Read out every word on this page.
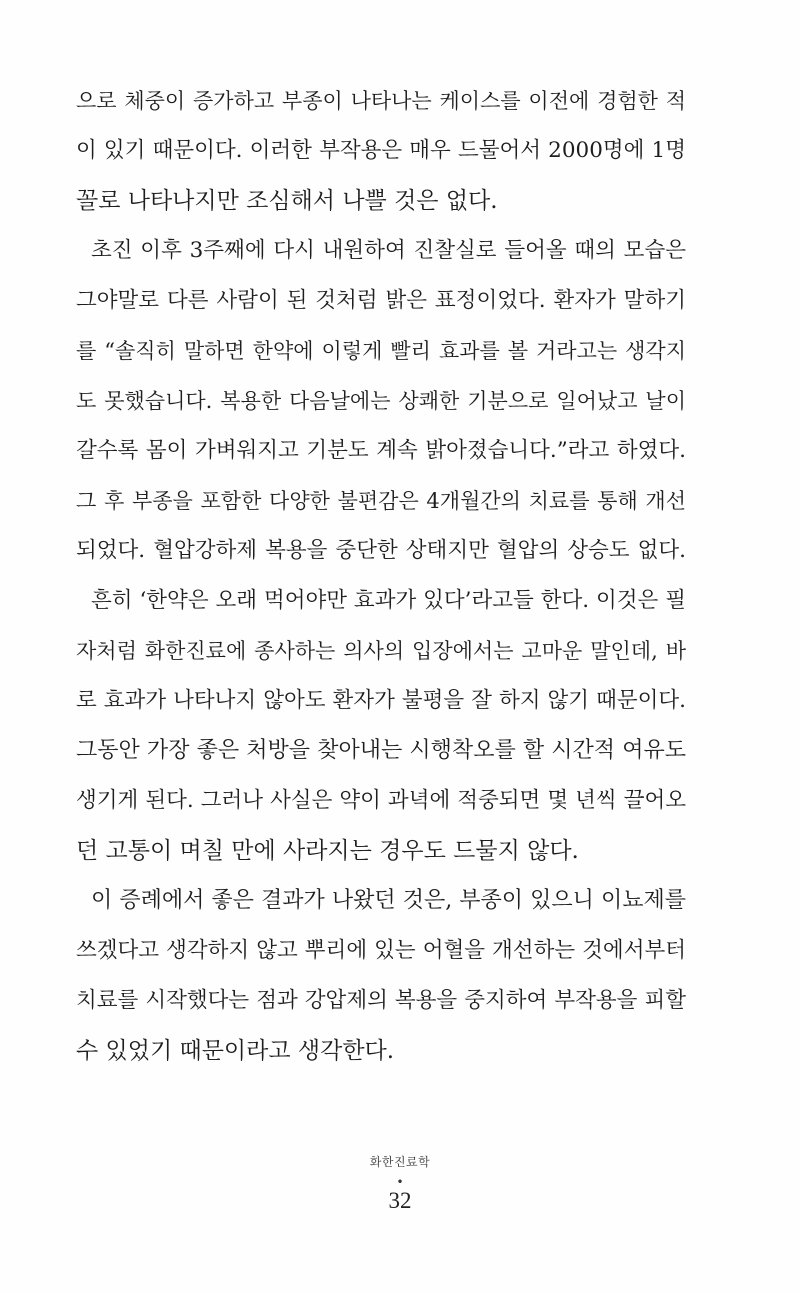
으로 체중이 증가하고 부종이 나타나는 케이스를 이전에 경험한 적
이 있기 때문이다. 이러한 부작용은 매우 드물어서 2000명에 1명
꼴로 나타나지만 조심해서 나쁠 것은 없다.
초진 이후 3주째에 다시 내원하여 진찰실로 들어올 때의 모습은
그야말로 다른 사람이 된 것처럼 밝은 표정이었다. 환자가 말하기
를 “솔직히 말하면 한약에 이렇게 빨리 효과를 볼 거라고는 생각지
도 못했습니다. 복용한 다음날에는 상쾌한 기분으로 일어났고 날이
갈수록 몸이 가벼워지고 기분도 계속 밝아졌습니다.”라고 하였다.
그 후 부종을 포함한 다양한 불편감은 4개월간의 치료를 통해 개선
되었다. 혈압강하제 복용을 중단한 상태지만 혈압의 상승도 없다.
흔히 ‘한약은 오래 먹어야만 효과가 있다’라고들 한다. 이것은 필
자처럼 화한진료에 종사하는 의사의 입장에서는 고마운 말인데, 바
로 효과가 나타나지 않아도 환자가 불평을 잘 하지 않기 때문이다.
그동안 가장 좋은 처방을 찾아내는 시행착오를 할 시간적 여유도
생기게 된다. 그러나 사실은 약이 과녁에 적중되면 몇 년씩 끌어오
던 고통이 며칠 만에 사라지는 경우도 드물지 않다.
이 증례에서 좋은 결과가 나왔던 것은, 부종이 있으니 이뇨제를
쓰겠다고 생각하지 않고 뿌리에 있는 어혈을 개선하는 것에서부터
치료를 시작했다는 점과 강압제의 복용을 중지하여 부작용을 피할
수 있었기 때문이라고 생각한다.
화한진료학
•
32
